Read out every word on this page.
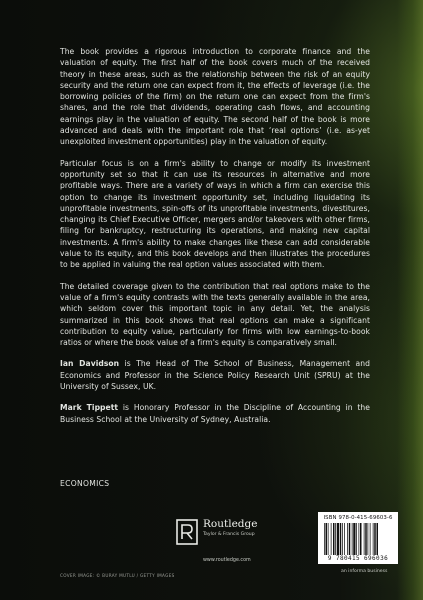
The book provides a rigorous introduction to corporate finance and the valuation of equity. The first half of the book covers much of the received theory in these areas, such as the relationship between the risk of an equity security and the return one can expect from it, the effects of leverage (i.e. the borrowing policies of the firm) on the return one can expect from the firm's shares, and the role that dividends, operating cash flows, and accounting earnings play in the valuation of equity. The second half of the book is more advanced and deals with the important role that ‘real options’ (i.e. as-yet unexploited investment opportunities) play in the valuation of equity.

Particular focus is on a firm's ability to change or modify its investment opportunity set so that it can use its resources in alternative and more profitable ways. There are a variety of ways in which a firm can exercise this option to change its investment opportunity set, including liquidating its unprofitable investments, spin-offs of its unprofitable investments, divestitures, changing its Chief Executive Officer, mergers and/or takeovers with other firms, filing for bankruptcy, restructuring its operations, and making new capital investments. A firm's ability to make changes like these can add considerable value to its equity, and this book develops and then illustrates the procedures to be applied in valuing the real option values associated with them.

The detailed coverage given to the contribution that real options make to the value of a firm's equity contrasts with the texts generally available in the area, which seldom cover this important topic in any detail. Yet, the analysis summarized in this book shows that real options can make a significant contribution to equity value, particularly for firms with low earnings-to-book ratios or where the book value of a firm's equity is comparatively small.

Ian Davidson is The Head of The School of Business, Management and Economics and Professor in the Science Policy Research Unit (SPRU) at the University of Sussex, UK.

Mark Tippett is Honorary Professor in the Discipline of Accounting in the Business School at the University of Sydney, Australia.

ECONOMICS
Routledge
Taylor & Francis Group
www.routledge.com
ISBN 978-0-415-69603-6
9 780415 696036
an informa business
COVER IMAGE: © BURAY MUTLU / GETTY IMAGES
